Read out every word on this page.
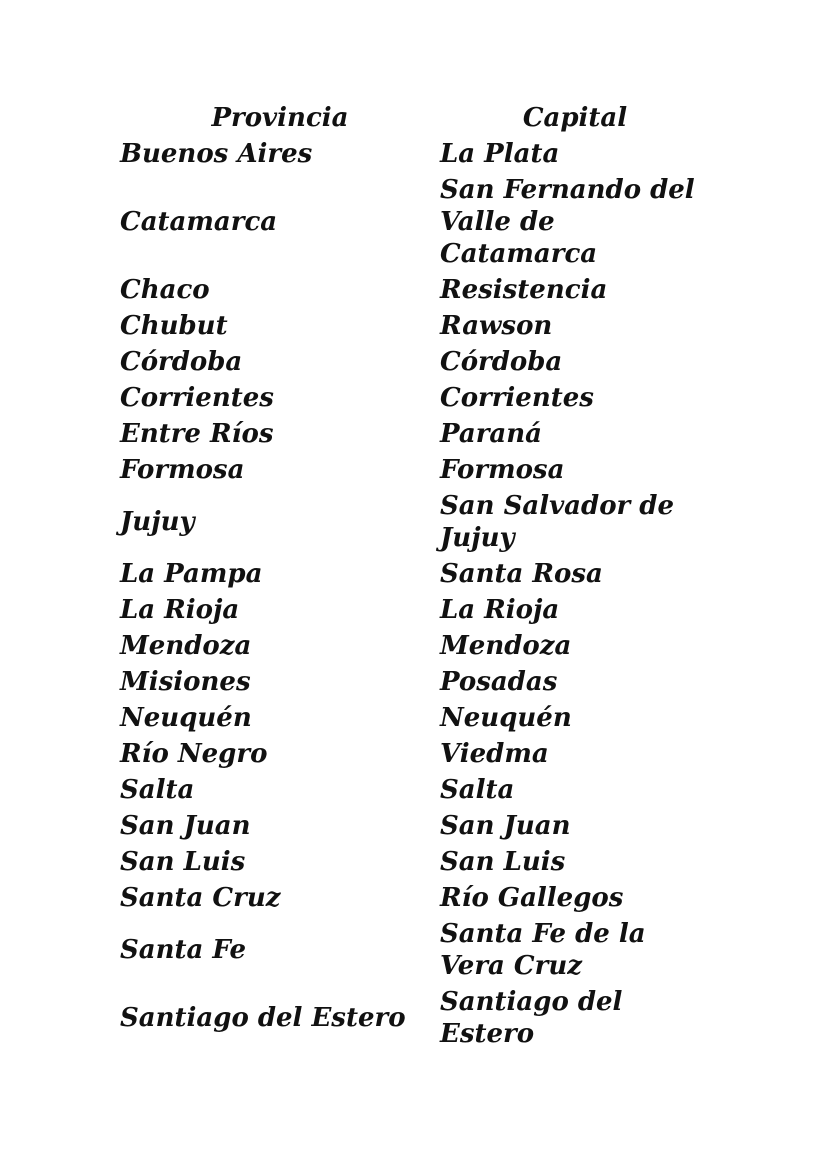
Provincia	Capital
Buenos Aires	La Plata
Catamarca	San Fernando del Valle de Catamarca
Chaco	Resistencia
Chubut	Rawson
Córdoba	Córdoba
Corrientes	Corrientes
Entre Ríos	Paraná
Formosa	Formosa
Jujuy	San Salvador de Jujuy
La Pampa	Santa Rosa
La Rioja	La Rioja
Mendoza	Mendoza
Misiones	Posadas
Neuquén	Neuquén
Río Negro	Viedma
Salta	Salta
San Juan	San Juan
San Luis	San Luis
Santa Cruz	Río Gallegos
Santa Fe	Santa Fe de la Vera Cruz
Santiago del Estero	Santiago del Estero
